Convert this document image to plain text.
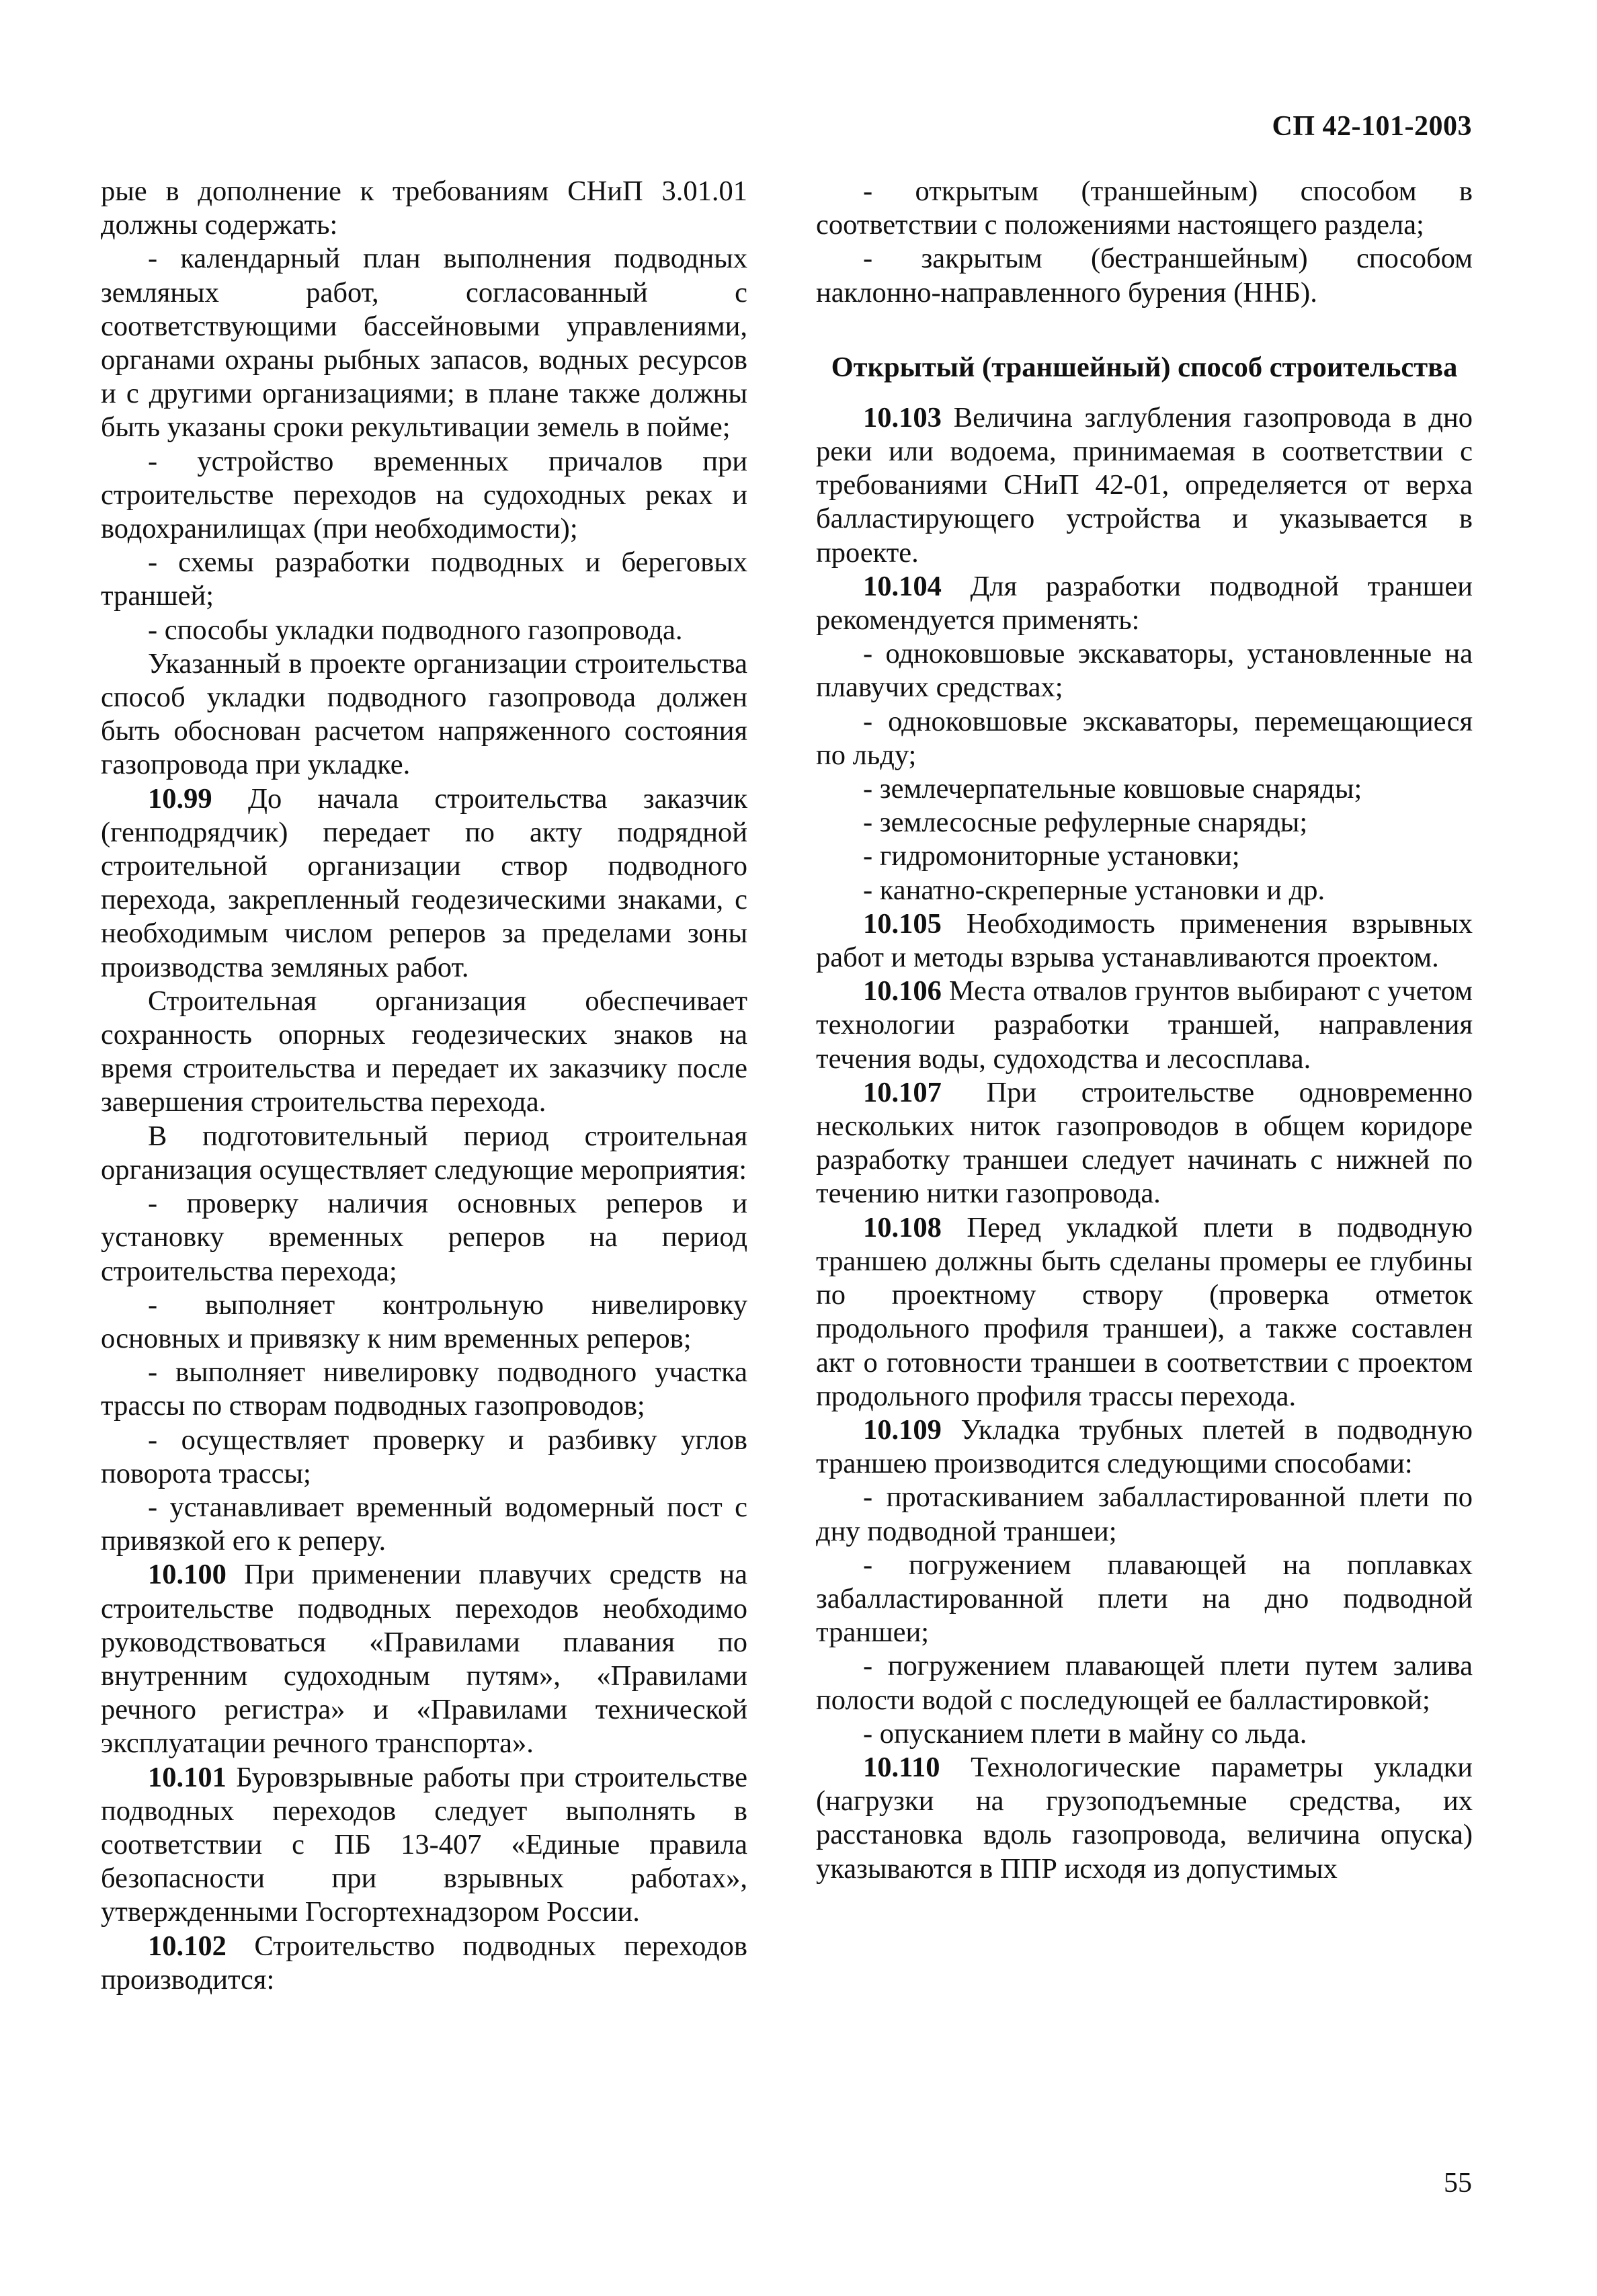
СП 42-101-2003

рые в дополнение к требованиям СНиП 3.01.01 должны содержать:

- календарный план выполнения подводных земляных работ, согласованный с соответствующими бассейновыми управлениями, органами охраны рыбных запасов, водных ресурсов и с другими организациями; в плане также должны быть указаны сроки рекультивации земель в пойме;

- устройство временных причалов при строительстве переходов на судоходных реках и водохранилищах (при необходимости);

- схемы разработки подводных и береговых траншей;

- способы укладки подводного газопровода.

Указанный в проекте организации строительства способ укладки подводного газопровода должен быть обоснован расчетом напряженного состояния газопровода при укладке.

10.99 До начала строительства заказчик (генподрядчик) передает по акту подрядной строительной организации створ подводного перехода, закрепленный геодезическими знаками, с необходимым числом реперов за пределами зоны производства земляных работ.

Строительная организация обеспечивает сохранность опорных геодезических знаков на время строительства и передает их заказчику после завершения строительства перехода.

В подготовительный период строительная организация осуществляет следующие мероприятия:

- проверку наличия основных реперов и установку временных реперов на период строительства перехода;

- выполняет контрольную нивелировку основных и привязку к ним временных реперов;

- выполняет нивелировку подводного участка трассы по створам подводных газопроводов;

- осуществляет проверку и разбивку углов поворота трассы;

- устанавливает временный водомерный пост с привязкой его к реперу.

10.100 При применении плавучих средств на строительстве подводных переходов необходимо руководствоваться «Правилами плавания по внутренним судоходным путям», «Правилами речного регистра» и «Правилами технической эксплуатации речного транспорта».

10.101 Буровзрывные работы при строительстве подводных переходов следует выполнять в соответствии с ПБ 13-407 «Единые правила безопасности при взрывных работах», утвержденными Госгортехнадзором России.

10.102 Строительство подводных переходов производится:

- открытым (траншейным) способом в соответствии с положениями настоящего раздела;

- закрытым (бестраншейным) способом наклонно-направленного бурения (ННБ).

Открытый (траншейный) способ строительства

10.103 Величина заглубления газопровода в дно реки или водоема, принимаемая в соответствии с требованиями СНиП 42-01, определяется от верха балластирующего устройства и указывается в проекте.

10.104 Для разработки подводной траншеи рекомендуется применять:

- одноковшовые экскаваторы, установленные на плавучих средствах;

- одноковшовые экскаваторы, перемещающиеся по льду;

- землечерпательные ковшовые снаряды;

- землесосные рефулерные снаряды;

- гидромониторные установки;

- канатно-скреперные установки и др.

10.105 Необходимость применения взрывных работ и методы взрыва устанавливаются проектом.

10.106 Места отвалов грунтов выбирают с учетом технологии разработки траншей, направления течения воды, судоходства и лесосплава.

10.107 При строительстве одновременно нескольких ниток газопроводов в общем коридоре разработку траншеи следует начинать с нижней по течению нитки газопровода.

10.108 Перед укладкой плети в подводную траншею должны быть сделаны промеры ее глубины по проектному створу (проверка отметок продольного профиля траншеи), а также составлен акт о готовности траншеи в соответствии с проектом продольного профиля трассы перехода.

10.109 Укладка трубных плетей в подводную траншею производится следующими способами:

- протаскиванием забалластированной плети по дну подводной траншеи;

- погружением плавающей на поплавках забалластированной плети на дно подводной траншеи;

- погружением плавающей плети путем залива полости водой с последующей ее балластировкой;

- опусканием плети в майну со льда.

10.110 Технологические параметры укладки (нагрузки на грузоподъемные средства, их расстановка вдоль газопровода, величина опуска) указываются в ППР исходя из допустимых

55
